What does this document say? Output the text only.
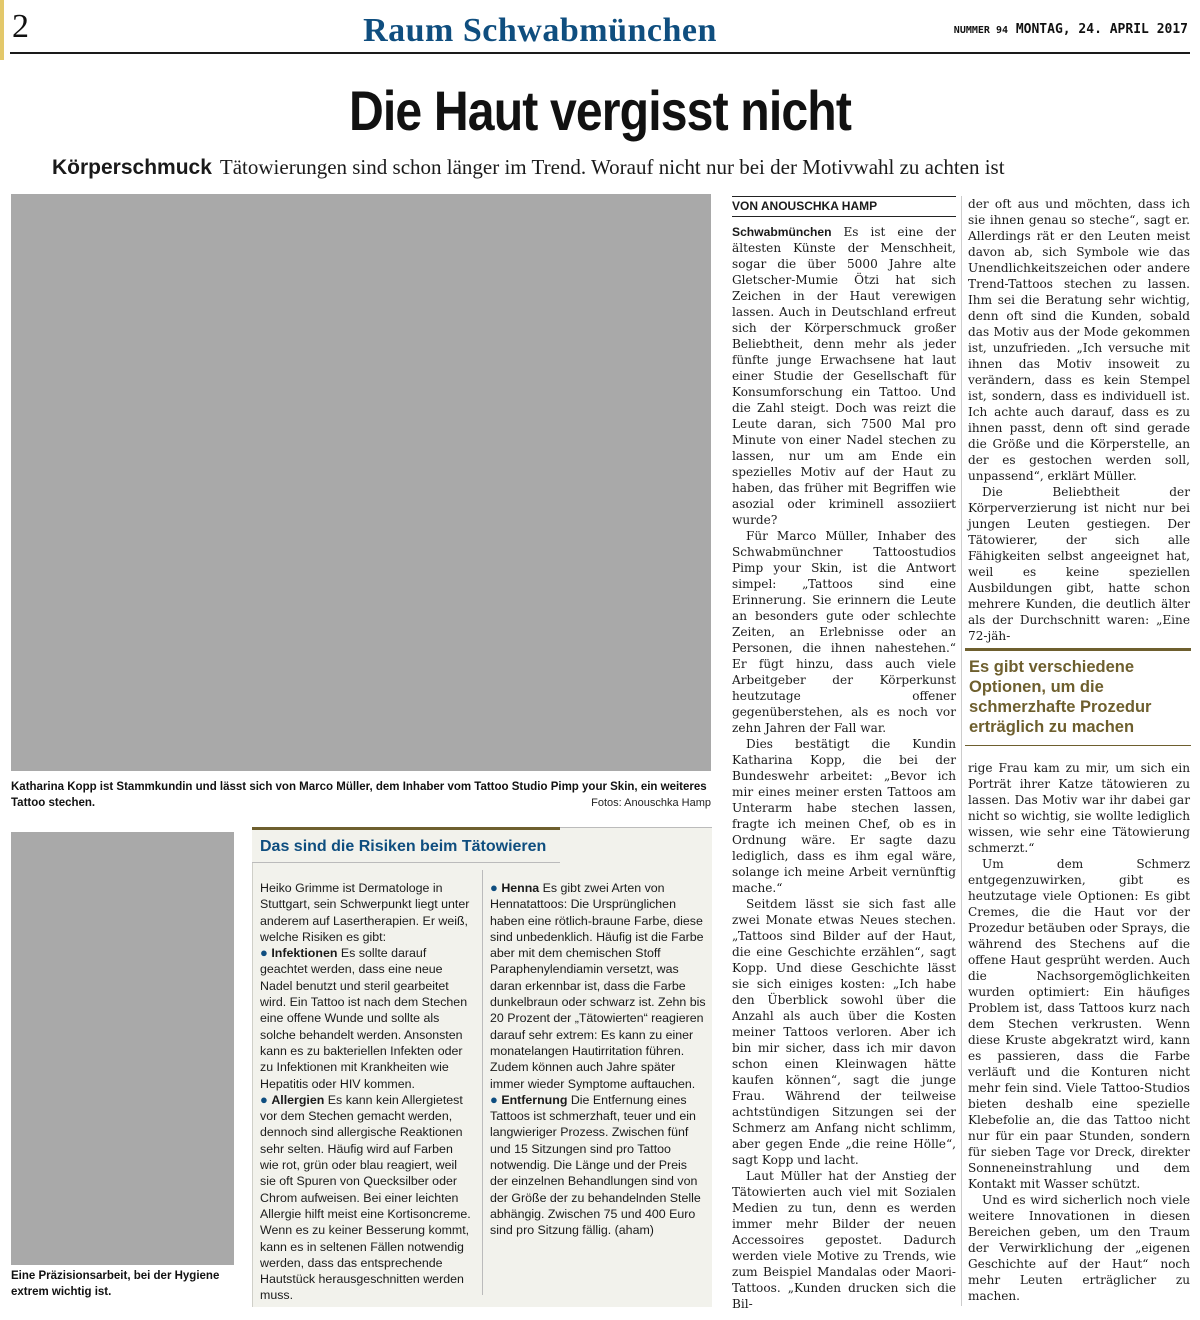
2	Raum Schwabmünchen	NUMMER 94 MONTAG, 24. APRIL 2017
Die Haut vergisst nicht
Körperschmuck Tätowierungen sind schon länger im Trend. Worauf nicht nur bei der Motivwahl zu achten ist
Katharina Kopp ist Stammkundin und lässt sich von Marco Müller, dem Inhaber vom Tattoo Studio Pimp your Skin, ein weiteres Tattoo stechen.	Fotos: Anouschka Hamp
Eine Präzisionsarbeit, bei der Hygiene extrem wichtig ist.
Das sind die Risiken beim Tätowieren
Heiko Grimme ist Dermatologe in Stuttgart, sein Schwerpunkt liegt unter anderem auf Lasertherapien. Er weiß, welche Risiken es gibt:
● Infektionen Es sollte darauf geachtet werden, dass eine neue Nadel benutzt und steril gearbeitet wird. Ein Tattoo ist nach dem Stechen eine offene Wunde und sollte als solche behandelt werden. Ansonsten kann es zu bakteriellen Infekten oder zu Infektionen mit Krankheiten wie Hepatitis oder HIV kommen.
● Allergien Es kann kein Allergietest vor dem Stechen gemacht werden, dennoch sind allergische Reaktionen sehr selten. Häufig wird auf Farben wie rot, grün oder blau reagiert, weil sie oft Spuren von Quecksilber oder Chrom aufweisen. Bei einer leichten Allergie hilft meist eine Kortisoncreme. Wenn es zu keiner Besserung kommt, kann es in seltenen Fällen notwendig werden, dass das entsprechende Hautstück herausgeschnitten werden muss.
● Henna Es gibt zwei Arten von Hennatattoos: Die Ursprünglichen haben eine rötlich-braune Farbe, diese sind unbedenklich. Häufig ist die Farbe aber mit dem chemischen Stoff Paraphenylendiamin versetzt, was daran erkennbar ist, dass die Farbe dunkelbraun oder schwarz ist. Zehn bis 20 Prozent der „Tätowierten“ reagieren darauf sehr extrem: Es kann zu einer monatelangen Hautirritation führen. Zudem können auch Jahre später immer wieder Symptome auftauchen.
● Entfernung Die Entfernung eines Tattoos ist schmerzhaft, teuer und ein langwieriger Prozess. Zwischen fünf und 15 Sitzungen sind pro Tattoo notwendig. Die Länge und der Preis der einzelnen Behandlungen sind von der Größe der zu behandelnden Stelle abhängig. Zwischen 75 und 400 Euro sind pro Sitzung fällig. (aham)
VON ANOUSCHKA HAMP

Schwabmünchen Es ist eine der ältesten Künste der Menschheit, sogar die über 5000 Jahre alte Gletscher-Mumie Ötzi hat sich Zeichen in der Haut verewigen lassen. Auch in Deutschland erfreut sich der Körperschmuck großer Beliebtheit, denn mehr als jeder fünfte junge Erwachsene hat laut einer Studie der Gesellschaft für Konsumforschung ein Tattoo. Und die Zahl steigt. Doch was reizt die Leute daran, sich 7500 Mal pro Minute von einer Nadel stechen zu lassen, nur um am Ende ein spezielles Motiv auf der Haut zu haben, das früher mit Begriffen wie asozial oder kriminell assoziiert wurde?

Für Marco Müller, Inhaber des Schwabmünchner Tattoostudios Pimp your Skin, ist die Antwort simpel: „Tattoos sind eine Erinnerung. Sie erinnern die Leute an besonders gute oder schlechte Zeiten, an Erlebnisse oder an Personen, die ihnen nahestehen.“ Er fügt hinzu, dass auch viele Arbeitgeber der Körperkunst heutzutage offener gegenüberstehen, als es noch vor zehn Jahren der Fall war.

Dies bestätigt die Kundin Katharina Kopp, die bei der Bundeswehr arbeitet: „Bevor ich mir eines meiner ersten Tattoos am Unterarm habe stechen lassen, fragte ich meinen Chef, ob es in Ordnung wäre. Er sagte dazu lediglich, dass es ihm egal wäre, solange ich meine Arbeit vernünftig mache.“

Seitdem lässt sie sich fast alle zwei Monate etwas Neues stechen. „Tattoos sind Bilder auf der Haut, die eine Geschichte erzählen“, sagt Kopp. Und diese Geschichte lässt sie sich einiges kosten: „Ich habe den Überblick sowohl über die Anzahl als auch über die Kosten meiner Tattoos verloren. Aber ich bin mir sicher, dass ich mir davon schon einen Kleinwagen hätte kaufen können“, sagt die junge Frau. Während der teilweise achtstündigen Sitzungen sei der Schmerz am Anfang nicht schlimm, aber gegen Ende „die reine Hölle“, sagt Kopp und lacht.

Laut Müller hat der Anstieg der Tätowierten auch viel mit Sozialen Medien zu tun, denn es werden immer mehr Bilder der neuen Accessoires gepostet. Dadurch werden viele Motive zu Trends, wie zum Beispiel Mandalas oder Maori-Tattoos. „Kunden drucken sich die Bil-

der oft aus und möchten, dass ich sie ihnen genau so steche“, sagt er. Allerdings rät er den Leuten meist davon ab, sich Symbole wie das Unendlichkeitszeichen oder andere Trend-Tattoos stechen zu lassen. Ihm sei die Beratung sehr wichtig, denn oft sind die Kunden, sobald das Motiv aus der Mode gekommen ist, unzufrieden. „Ich versuche mit ihnen das Motiv insoweit zu verändern, dass es kein Stempel ist, sondern, dass es individuell ist. Ich achte auch darauf, dass es zu ihnen passt, denn oft sind gerade die Größe und die Körperstelle, an der es gestochen werden soll, unpassend“, erklärt Müller.

Die Beliebtheit der Körperverzierung ist nicht nur bei jungen Leuten gestiegen. Der Tätowierer, der sich alle Fähigkeiten selbst angeeignet hat, weil es keine speziellen Ausbildungen gibt, hatte schon mehrere Kunden, die deutlich älter als der Durchschnitt waren: „Eine 72-jäh-

Es gibt verschiedene Optionen, um die schmerzhafte Prozedur erträglich zu machen

rige Frau kam zu mir, um sich ein Porträt ihrer Katze tätowieren zu lassen. Das Motiv war ihr dabei gar nicht so wichtig, sie wollte lediglich wissen, wie sehr eine Tätowierung schmerzt.“

Um dem Schmerz entgegenzuwirken, gibt es heutzutage viele Optionen: Es gibt Cremes, die die Haut vor der Prozedur betäuben oder Sprays, die während des Stechens auf die offene Haut gesprüht werden. Auch die Nachsorgemöglichkeiten wurden optimiert: Ein häufiges Problem ist, dass Tattoos kurz nach dem Stechen verkrusten. Wenn diese Kruste abgekratzt wird, kann es passieren, dass die Farbe verläuft und die Konturen nicht mehr fein sind. Viele Tattoo-Studios bieten deshalb eine spezielle Klebefolie an, die das Tattoo nicht nur für ein paar Stunden, sondern für sieben Tage vor Dreck, direkter Sonneneinstrahlung und dem Kontakt mit Wasser schützt.

Und es wird sicherlich noch viele weitere Innovationen in diesen Bereichen geben, um den Traum der Verwirklichung der „eigenen Geschichte auf der Haut“ noch mehr Leuten erträglicher zu machen.
